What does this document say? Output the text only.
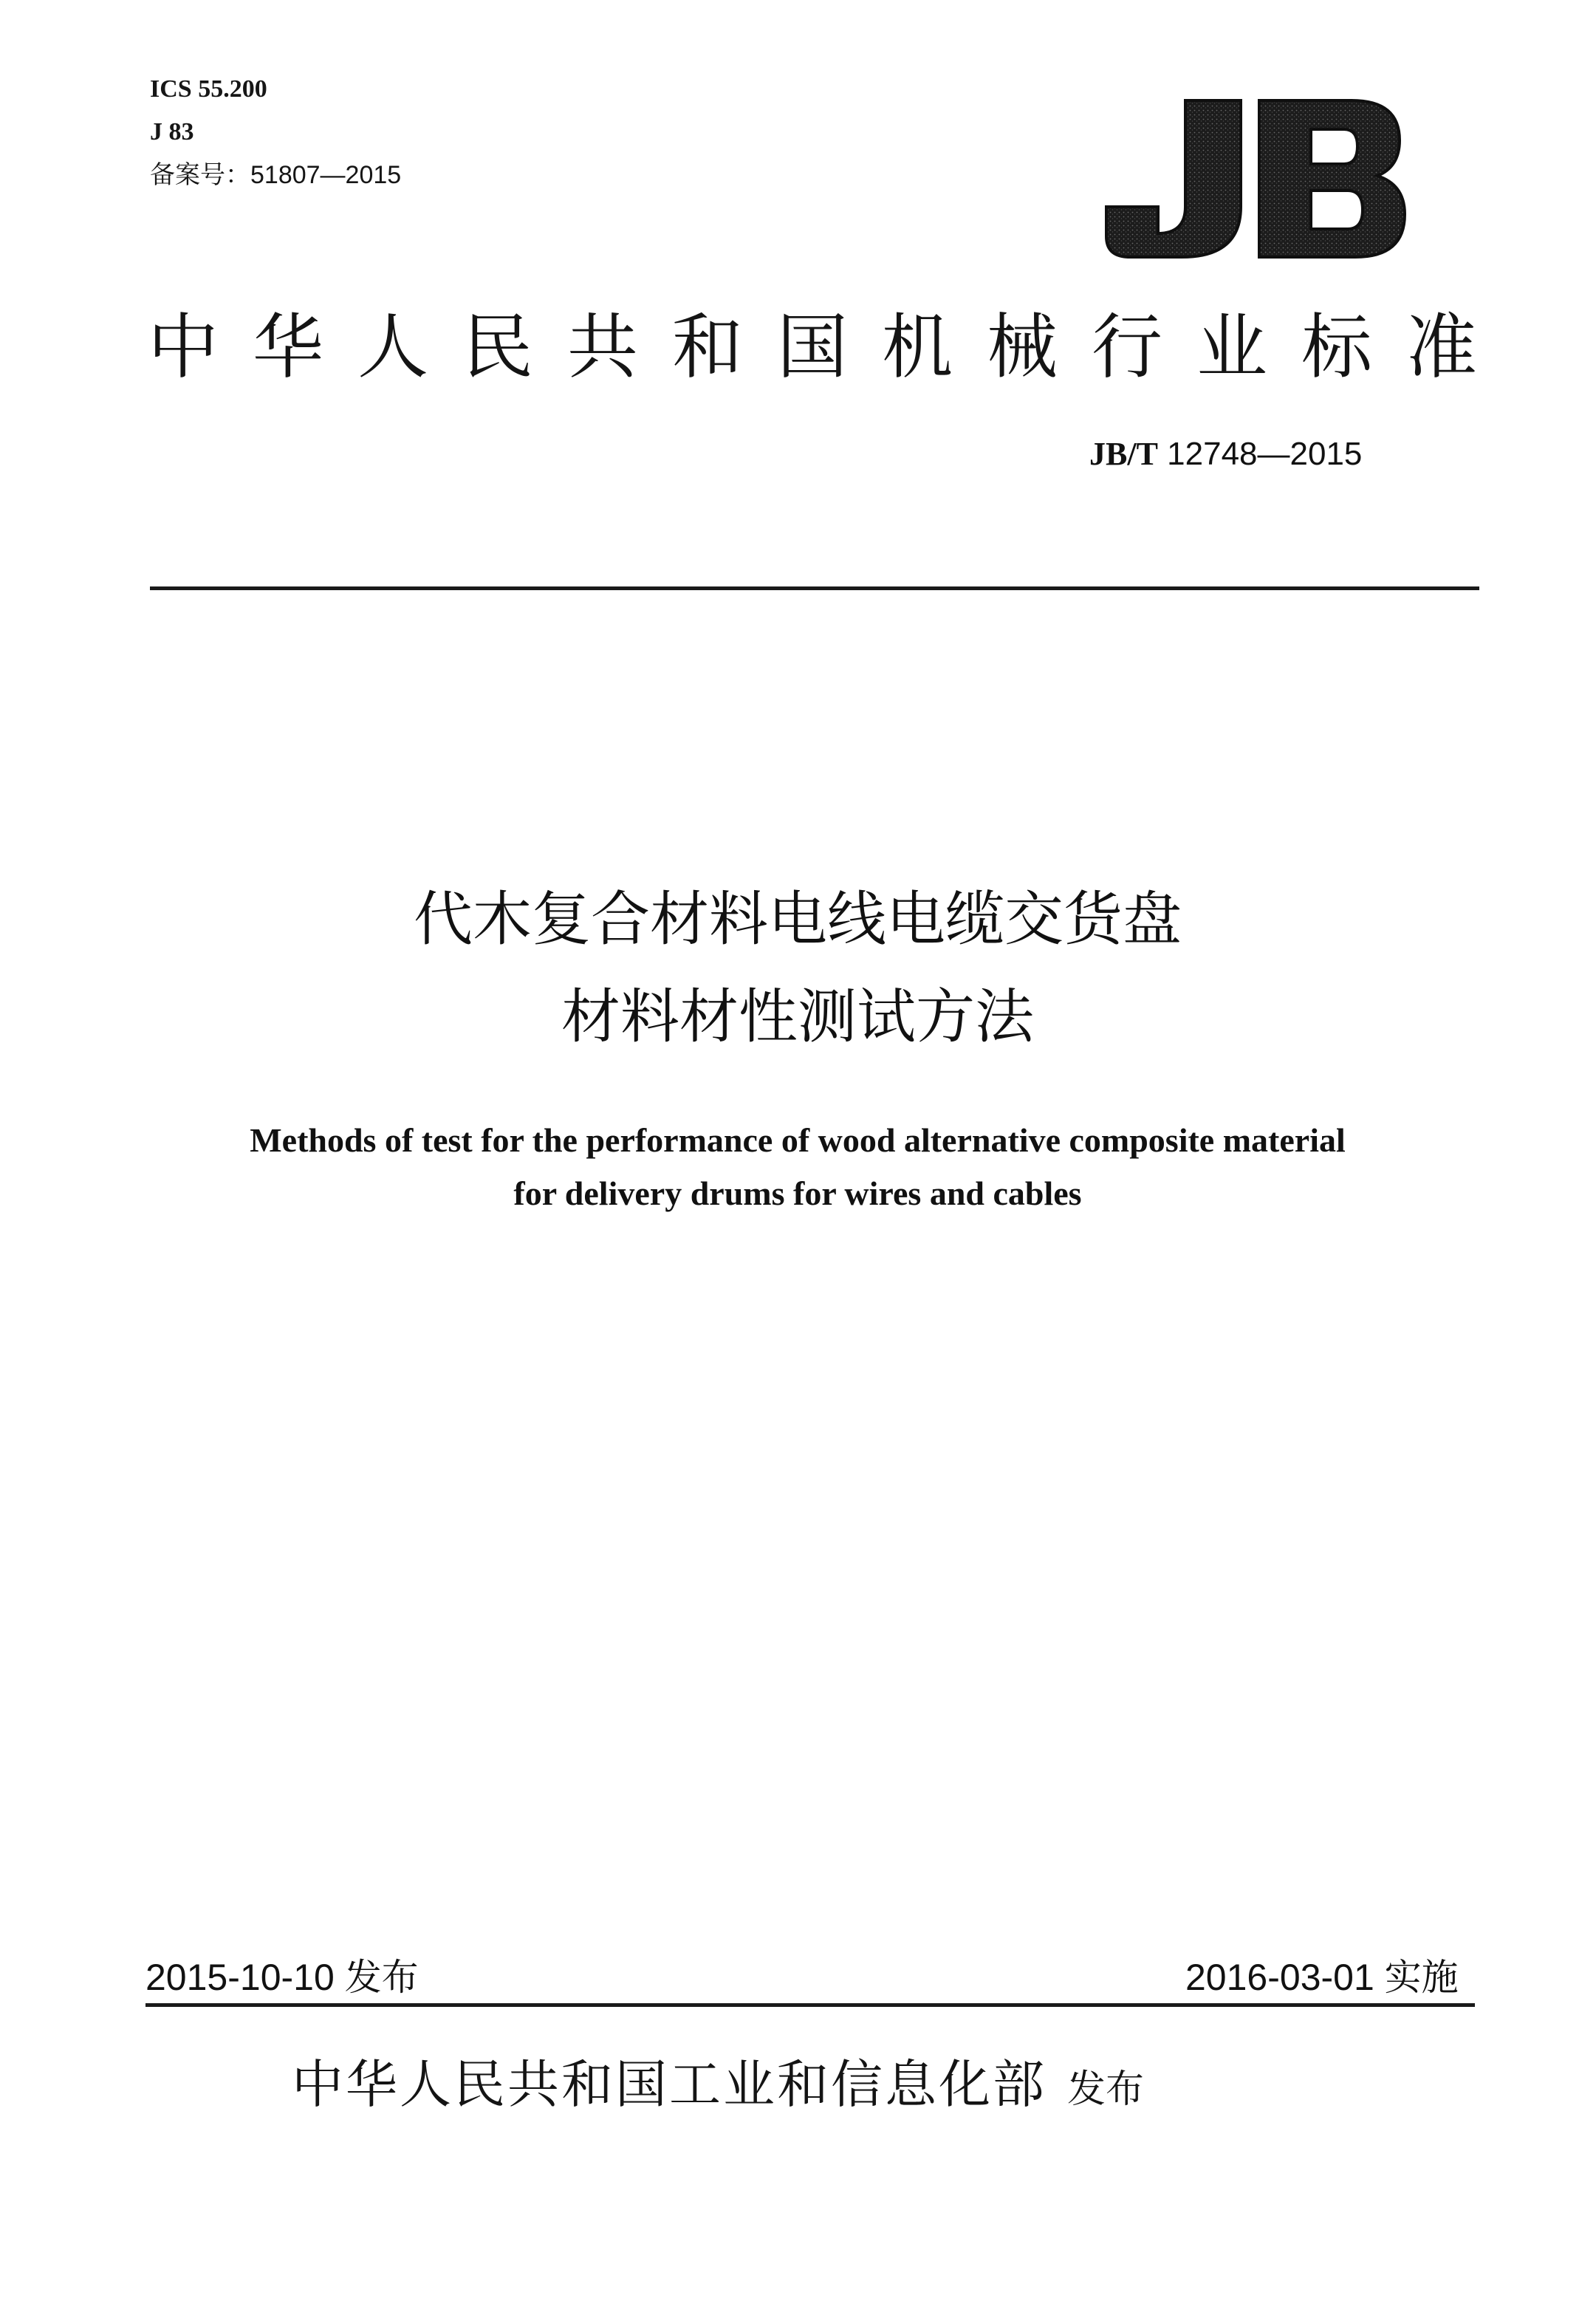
ICS 55.200
J 83
备案号：51807—2015
中华人民共和国机械行业标准
JB/T 12748—2015
代木复合材料电线电缆交货盘
材料材性测试方法
Methods of test for the performance of wood alternative composite material
for delivery drums for wires and cables
2015-10-10 发布	2016-03-01 实施
中华人民共和国工业和信息化部 发布
